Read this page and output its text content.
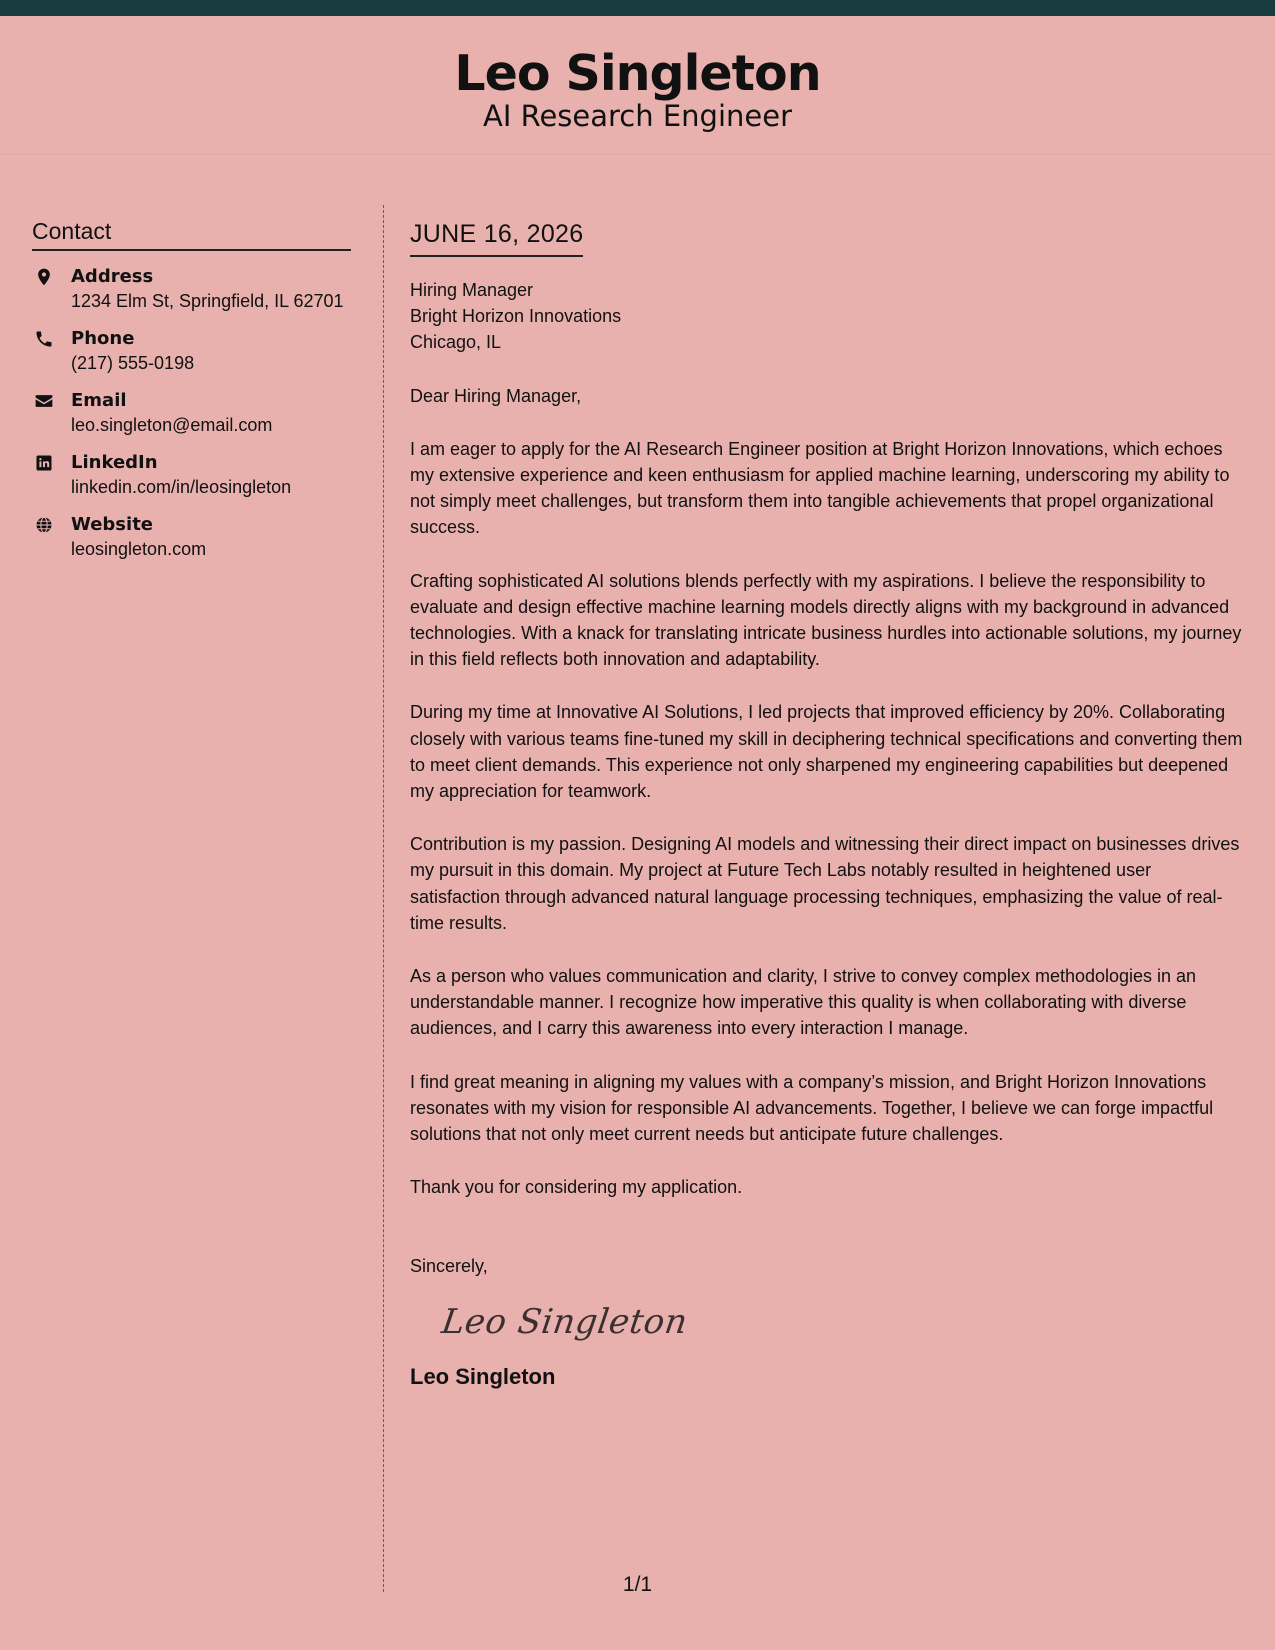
Leo Singleton
AI Research Engineer
Contact
Address
1234 Elm St, Springfield, IL 62701
Phone
(217) 555-0198
Email
leo.singleton@email.com
LinkedIn
linkedin.com/in/leosingleton
Website
leosingleton.com
JUNE 16, 2026
Hiring Manager
Bright Horizon Innovations
Chicago, IL
Dear Hiring Manager,

I am eager to apply for the AI Research Engineer position at Bright Horizon Innovations, which echoes my extensive experience and keen enthusiasm for applied machine learning, underscoring my ability to not simply meet challenges, but transform them into tangible achievements that propel organizational success.

Crafting sophisticated AI solutions blends perfectly with my aspirations. I believe the responsibility to evaluate and design effective machine learning models directly aligns with my background in advanced technologies. With a knack for translating intricate business hurdles into actionable solutions, my journey in this field reflects both innovation and adaptability.

During my time at Innovative AI Solutions, I led projects that improved efficiency by 20%. Collaborating closely with various teams fine-tuned my skill in deciphering technical specifications and converting them to meet client demands. This experience not only sharpened my engineering capabilities but deepened my appreciation for teamwork.

Contribution is my passion. Designing AI models and witnessing their direct impact on businesses drives my pursuit in this domain. My project at Future Tech Labs notably resulted in heightened user satisfaction through advanced natural language processing techniques, emphasizing the value of real-time results.

As a person who values communication and clarity, I strive to convey complex methodologies in an understandable manner. I recognize how imperative this quality is when collaborating with diverse audiences, and I carry this awareness into every interaction I manage.

I find great meaning in aligning my values with a company’s mission, and Bright Horizon Innovations resonates with my vision for responsible AI advancements. Together, I believe we can forge impactful solutions that not only meet current needs but anticipate future challenges.

Thank you for considering my application.

Sincerely,
Leo Singleton
Leo Singleton
1/1
